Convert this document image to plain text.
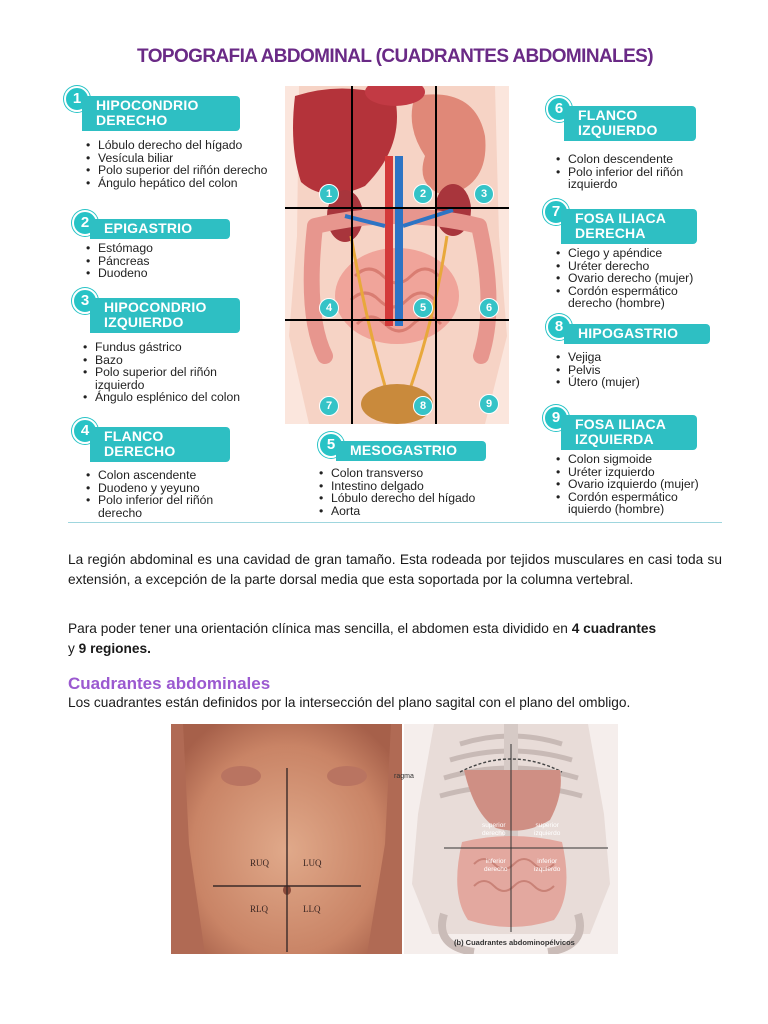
TOPOGRAFIA ABDOMINAL (CUADRANTES ABDOMINALES)
1	HIPOCONDRIO
DERECHO
• Lóbulo derecho del hígado
• Vesícula biliar
• Polo superior del riñón derecho
• Ángulo hepático del colon
2	EPIGASTRIO
• Estómago
• Páncreas
• Duodeno
3	HIPOCONDRIO
IZQUIERDO
• Fundus gástrico
• Bazo
• Polo superior del riñón izquierdo
• Ángulo esplénico del colon
4	FLANCO
DERECHO
• Colon ascendente
• Duodeno y yeyuno
• Polo inferior del riñón derecho
5	MESOGASTRIO
• Colon transverso
• Intestino delgado
• Lóbulo derecho del hígado
• Aorta
6	FLANCO
IZQUIERDO
• Colon descendente
• Polo inferior del riñón izquierdo
7	FOSA ILIACA
DERECHA
• Ciego y apéndice
• Uréter derecho
• Ovario derecho (mujer)
• Cordón espermático derecho (hombre)
8	HIPOGASTRIO
• Vejiga
• Pelvis
• Útero (mujer)
9	FOSA ILIACA
IZQUIERDA
• Colon sigmoide
• Uréter izquierdo
• Ovario izquierdo (mujer)
• Cordón espermático iquierdo (hombre)
1	2	3
4	5	6
7	8	9

La región abdominal es una cavidad de gran tamaño. Esta rodeada por tejidos musculares en casi toda su extensión, a excepción de la parte dorsal media que esta soportada por la columna vertebral.

Para poder tener una orientación clínica mas sencilla, el abdomen esta dividido en 4 cuadrantes
y 9 regiones.

Cuadrantes abdominales

Los cuadrantes están definidos por la intersección del plano sagital con el plano del ombligo.

RUQ	LUQ
RLQ	LLQ
ragma
superior
derecho
superior
izquierdo
inferior
derecho
inferior
izquierdo
(b) Cuadrantes abdominopélvicos
